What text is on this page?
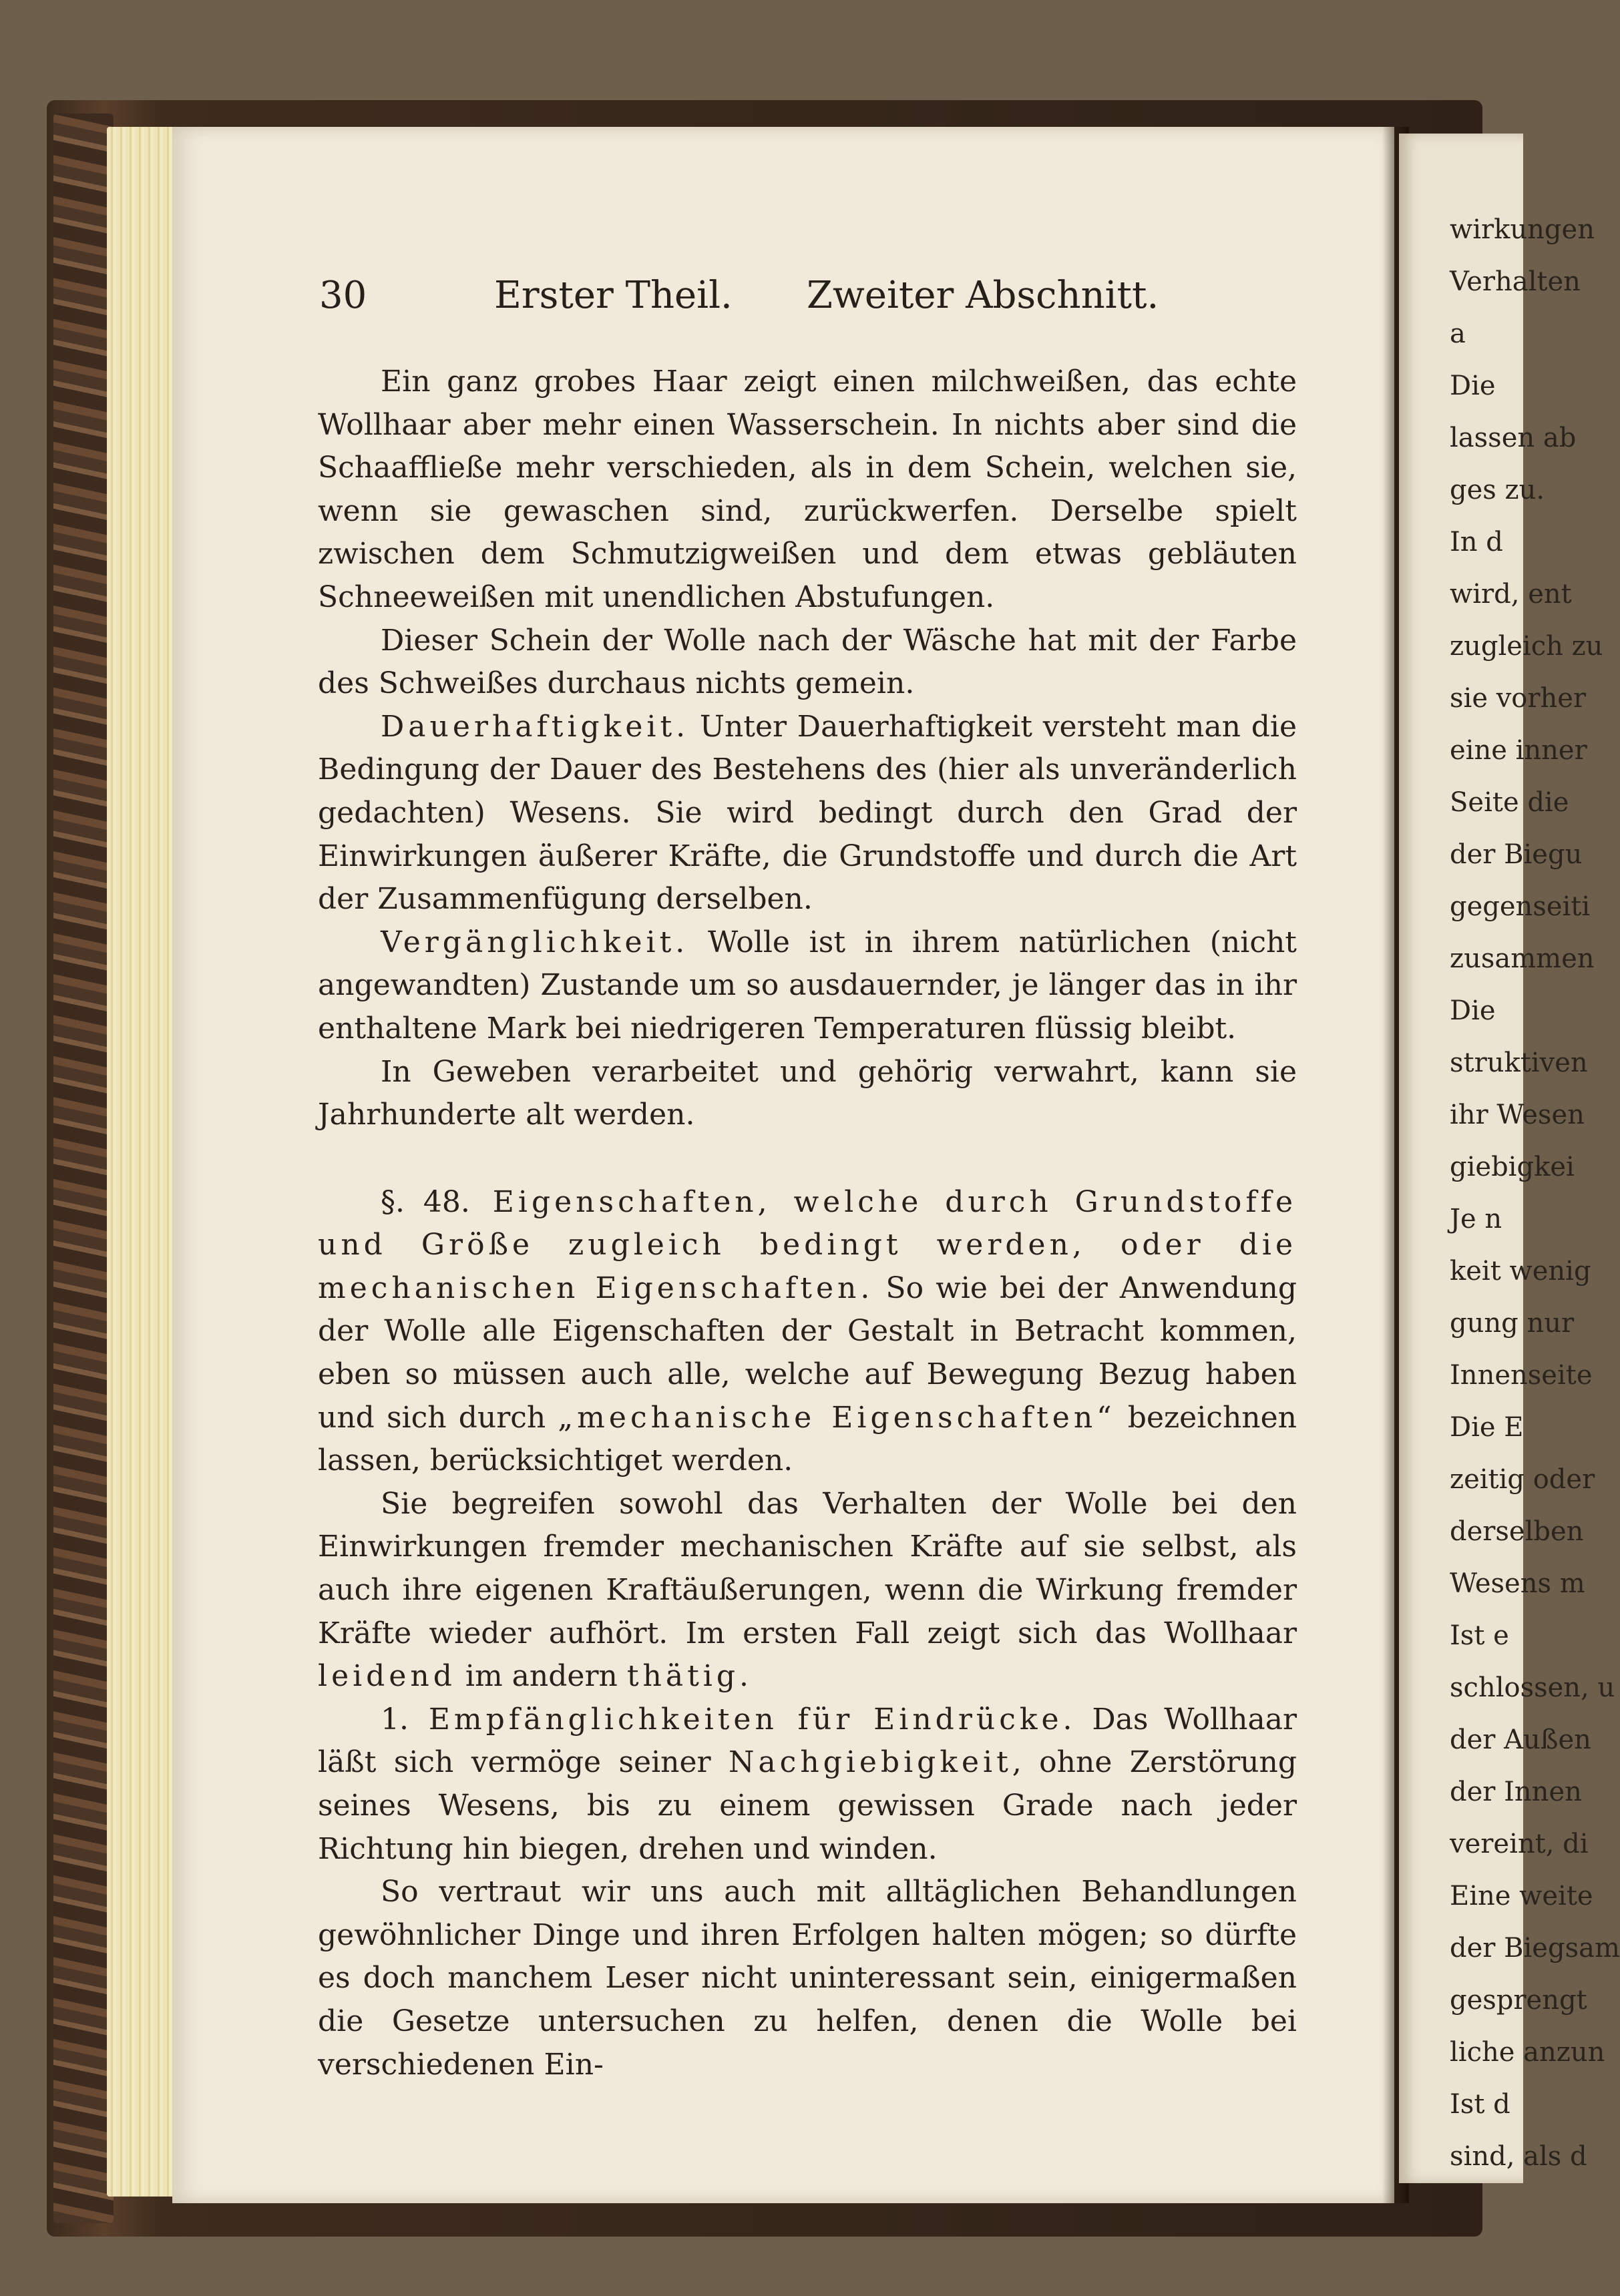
30	Erster Theil. Zweiter Abschnitt.

Ein ganz grobes Haar zeigt einen milchweißen, das echte Wollhaar aber mehr einen Wasserschein. In nichts aber sind die Schaaffließe mehr verschieden, als in dem Schein, welchen sie, wenn sie gewaschen sind, zurückwerfen. Derselbe spielt zwischen dem Schmutzigweißen und dem etwas gebläuten Schneeweißen mit unendlichen Abstufungen.

Dieser Schein der Wolle nach der Wäsche hat mit der Farbe des Schweißes durchaus nichts gemein.

Dauerhaftigkeit. Unter Dauerhaftigkeit versteht man die Bedingung der Dauer des Bestehens des (hier als unveränderlich gedachten) Wesens. Sie wird bedingt durch den Grad der Einwirkungen äußerer Kräfte, die Grundstoffe und durch die Art der Zusammenfügung derselben.

Vergänglichkeit. Wolle ist in ihrem natürlichen (nicht angewandten) Zustande um so ausdauernder, je länger das in ihr enthaltene Mark bei niedrigeren Temperaturen flüssig bleibt.

In Geweben verarbeitet und gehörig verwahrt, kann sie Jahrhunderte alt werden.

§. 48. Eigenschaften, welche durch Grundstoffe und Größe zugleich bedingt werden, oder die mechanischen Eigenschaften. So wie bei der Anwendung der Wolle alle Eigenschaften der Gestalt in Betracht kommen, eben so müssen auch alle, welche auf Bewegung Bezug haben und sich durch „mechanische Eigenschaften“ bezeichnen lassen, berücksichtiget werden.

Sie begreifen sowohl das Verhalten der Wolle bei den Einwirkungen fremder mechanischen Kräfte auf sie selbst, als auch ihre eigenen Kraftäußerungen, wenn die Wirkung fremder Kräfte wieder aufhört. Im ersten Fall zeigt sich das Wollhaar leidend im andern thätig.

1. Empfänglichkeiten für Eindrücke. Das Wollhaar läßt sich vermöge seiner Nachgiebigkeit, ohne Zerstörung seines Wesens, bis zu einem gewissen Grade nach jeder Richtung hin biegen, drehen und winden.

So vertraut wir uns auch mit alltäglichen Behandlungen gewöhnlicher Dinge und ihren Erfolgen halten mögen; so dürfte es doch manchem Leser nicht uninteressant sein, einigermaßen die Gesetze untersuchen zu helfen, denen die Wolle bei verschiedenen Ein-

wirkungen
Verhalten
a
Die
lassen ab
ges zu.
In d
wird, ent
zugleich zu
sie vorher
eine inner
Seite die
der Biegu
gegenseiti
zusammen
Die
struktiven
ihr Wesen
giebigkei
Je n
keit wenig
gung nur
Innenseite
Die E
zeitig oder
derselben
Wesens m
Ist e
schlossen, u
der Außen
der Innen
vereint, di
Eine weite
der Biegsam
gesprengt
liche anzun
Ist d
sind, als d
